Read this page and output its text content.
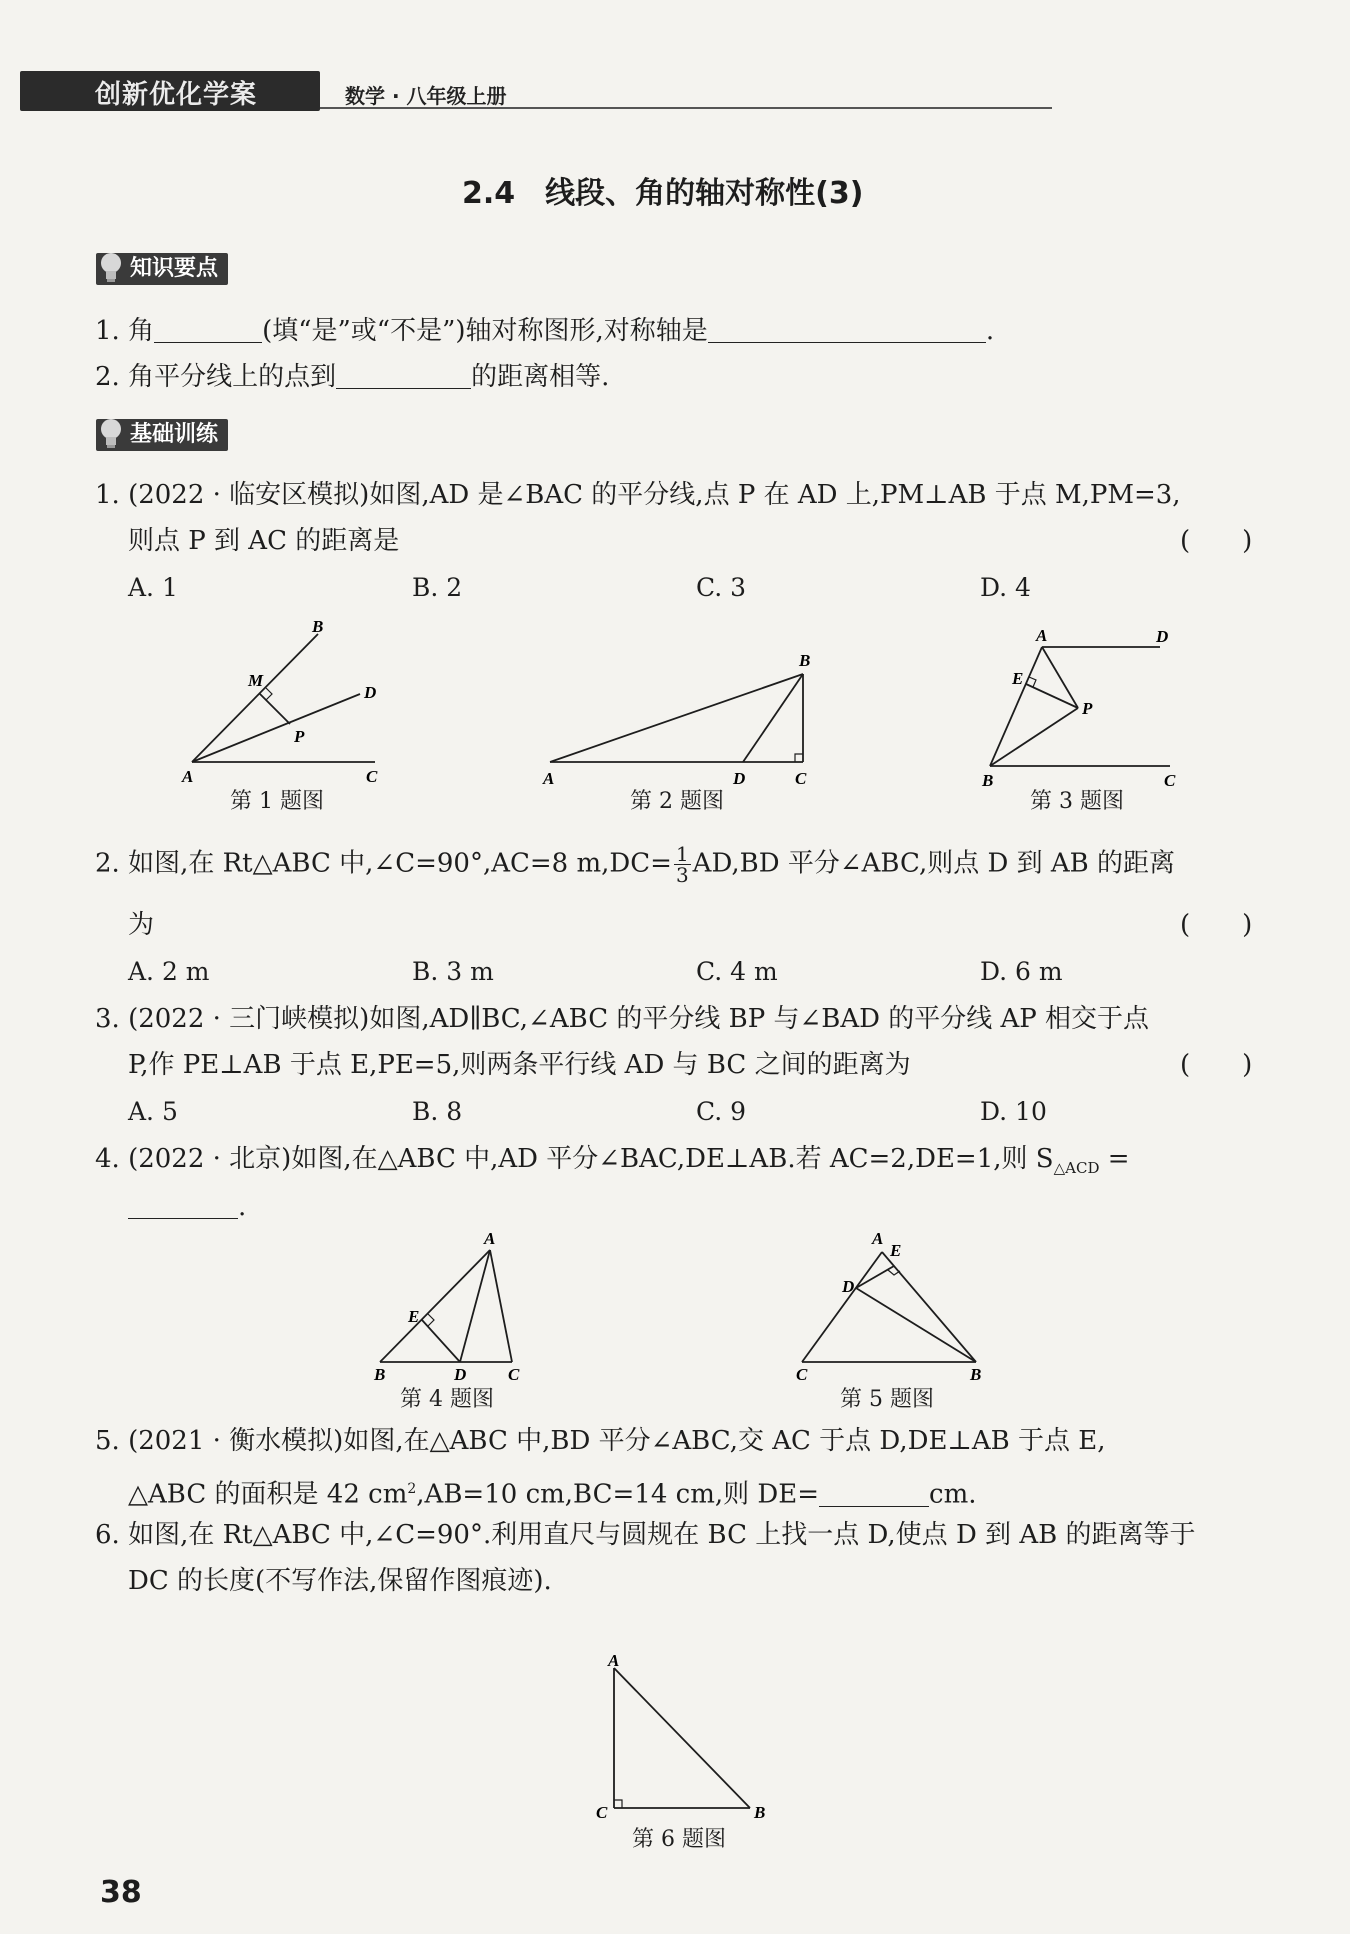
创新优化学案	数学 · 八年级上册
2.4　线段、角的轴对称性(3)
知识要点
1. 角	(填“是”或“不是”)轴对称图形,对称轴是	.
2. 角平分线上的点到	的距离相等.
基础训练
1. (2022 · 临安区模拟)如图,AD 是∠BAC 的平分线,点 P 在 AD 上,PM⊥AB 于点 M,PM=3,
则点 P 到 AC 的距离是	(　　)
A. 1	B. 2	C. 3	D. 4
B
M
D
P
A	C
第 1 题图
B
A	D	C
第 2 题图
A	D
E
P
B	C
第 3 题图
2. 如图,在 Rt△ABC 中,∠C=90°,AC=8 $m,DC= \frac{1}{3} AD,BD$ 平分∠ABC,则点 D 到 AB 的距离
为	(　　)
A. 2 m	B. 3 m	C. 4 m	D. 6 m
3. (2022 · 三门峡模拟)如图,AD∥BC,∠ABC 的平分线 BP 与∠BAD 的平分线 AP 相交于点
P,作 PE⊥AB 于点 E,PE=5,则两条平行线 AD 与 BC 之间的距离为	(　　)
A. 5	B. 8	C. 9	D. 10
4. (2022 · 北京)如图,在△ABC 中,AD 平分∠BAC,DE⊥AB.若 AC=2,DE=1,则 $S_{\triangle ACD}$ =
.
A
E
B	D C
第 4 题图
A
E
D
C	B
第 5 题图
5. (2021 · 衡水模拟)如图,在△ABC 中,BD 平分∠ABC,交 AC 于点 D,DE⊥AB 于点 E,
△ABC 的面积是 42 $cm^2,AB=10$ cm,BC=14 cm,则 DE=	cm.
6. 如图,在 Rt△ABC 中,∠C=90°.利用直尺与圆规在 BC 上找一点 D,使点 D 到 AB 的距离等于
DC 的长度(不写作法,保留作图痕迹).
A
C	B
第 6 题图
38
